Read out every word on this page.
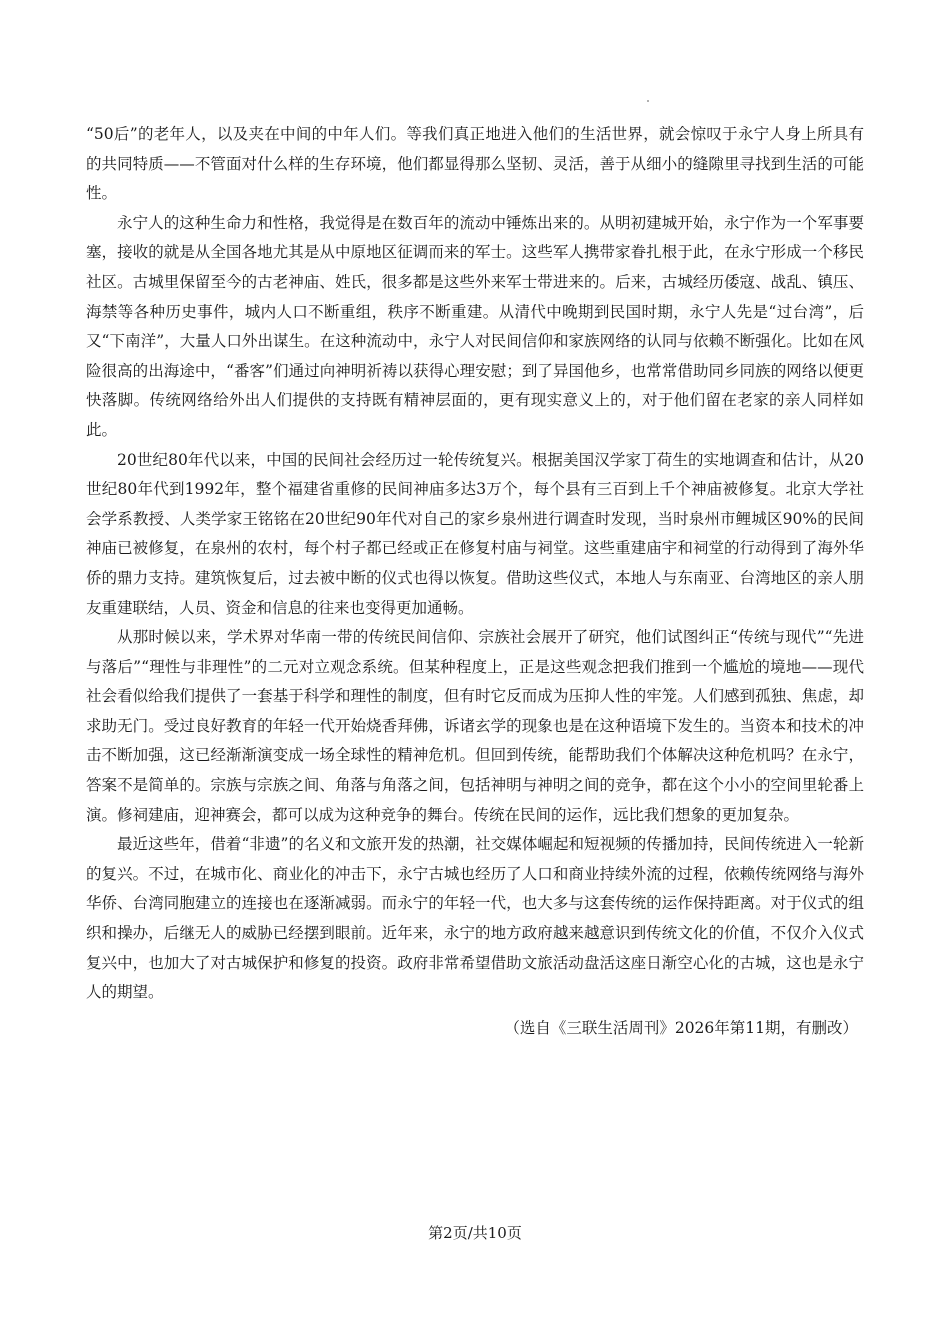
“50后”的老年人，以及夹在中间的中年人们。等我们真正地进入他们的生活世界，就会惊叹于永宁人身上所具有的共同特质——不管面对什么样的生存环境，他们都显得那么坚韧、灵活，善于从细小的缝隙里寻找到生活的可能性。

永宁人的这种生命力和性格，我觉得是在数百年的流动中锤炼出来的。从明初建城开始，永宁作为一个军事要塞，接收的就是从全国各地尤其是从中原地区征调而来的军士。这些军人携带家眷扎根于此，在永宁形成一个移民社区。古城里保留至今的古老神庙、姓氏，很多都是这些外来军士带进来的。后来，古城经历倭寇、战乱、镇压、海禁等各种历史事件，城内人口不断重组，秩序不断重建。从清代中晚期到民国时期，永宁人先是“过台湾”，后又“下南洋”，大量人口外出谋生。在这种流动中，永宁人对民间信仰和家族网络的认同与依赖不断强化。比如在风险很高的出海途中，“番客”们通过向神明祈祷以获得心理安慰；到了异国他乡，也常常借助同乡同族的网络以便更快落脚。传统网络给外出人们提供的支持既有精神层面的，更有现实意义上的，对于他们留在老家的亲人同样如此。

20世纪80年代以来，中国的民间社会经历过一轮传统复兴。根据美国汉学家丁荷生的实地调查和估计，从20世纪80年代到1992年，整个福建省重修的民间神庙多达3万个，每个县有三百到上千个神庙被修复。北京大学社会学系教授、人类学家王铭铭在20世纪90年代对自己的家乡泉州进行调查时发现，当时泉州市鲤城区90%的民间神庙已被修复，在泉州的农村，每个村子都已经或正在修复村庙与祠堂。这些重建庙宇和祠堂的行动得到了海外华侨的鼎力支持。建筑恢复后，过去被中断的仪式也得以恢复。借助这些仪式，本地人与东南亚、台湾地区的亲人朋友重建联结，人员、资金和信息的往来也变得更加通畅。

从那时候以来，学术界对华南一带的传统民间信仰、宗族社会展开了研究，他们试图纠正“传统与现代”“先进与落后”“理性与非理性”的二元对立观念系统。但某种程度上，正是这些观念把我们推到一个尴尬的境地——现代社会看似给我们提供了一套基于科学和理性的制度，但有时它反而成为压抑人性的牢笼。人们感到孤独、焦虑，却求助无门。受过良好教育的年轻一代开始烧香拜佛，诉诸玄学的现象也是在这种语境下发生的。当资本和技术的冲击不断加强，这已经渐渐演变成一场全球性的精神危机。但回到传统，能帮助我们个体解决这种危机吗？在永宁，答案不是简单的。宗族与宗族之间、角落与角落之间，包括神明与神明之间的竞争，都在这个小小的空间里轮番上演。修祠建庙，迎神赛会，都可以成为这种竞争的舞台。传统在民间的运作，远比我们想象的更加复杂。

最近这些年，借着“非遗”的名义和文旅开发的热潮，社交媒体崛起和短视频的传播加持，民间传统进入一轮新的复兴。不过，在城市化、商业化的冲击下，永宁古城也经历了人口和商业持续外流的过程，依赖传统网络与海外华侨、台湾同胞建立的连接也在逐渐减弱。而永宁的年轻一代，也大多与这套传统的运作保持距离。对于仪式的组织和操办，后继无人的威胁已经摆到眼前。近年来，永宁的地方政府越来越意识到传统文化的价值，不仅介入仪式复兴中，也加大了对古城保护和修复的投资。政府非常希望借助文旅活动盘活这座日渐空心化的古城，这也是永宁人的期望。

（选自《三联生活周刊》2026年第11期，有删改）

第2页/共10页
